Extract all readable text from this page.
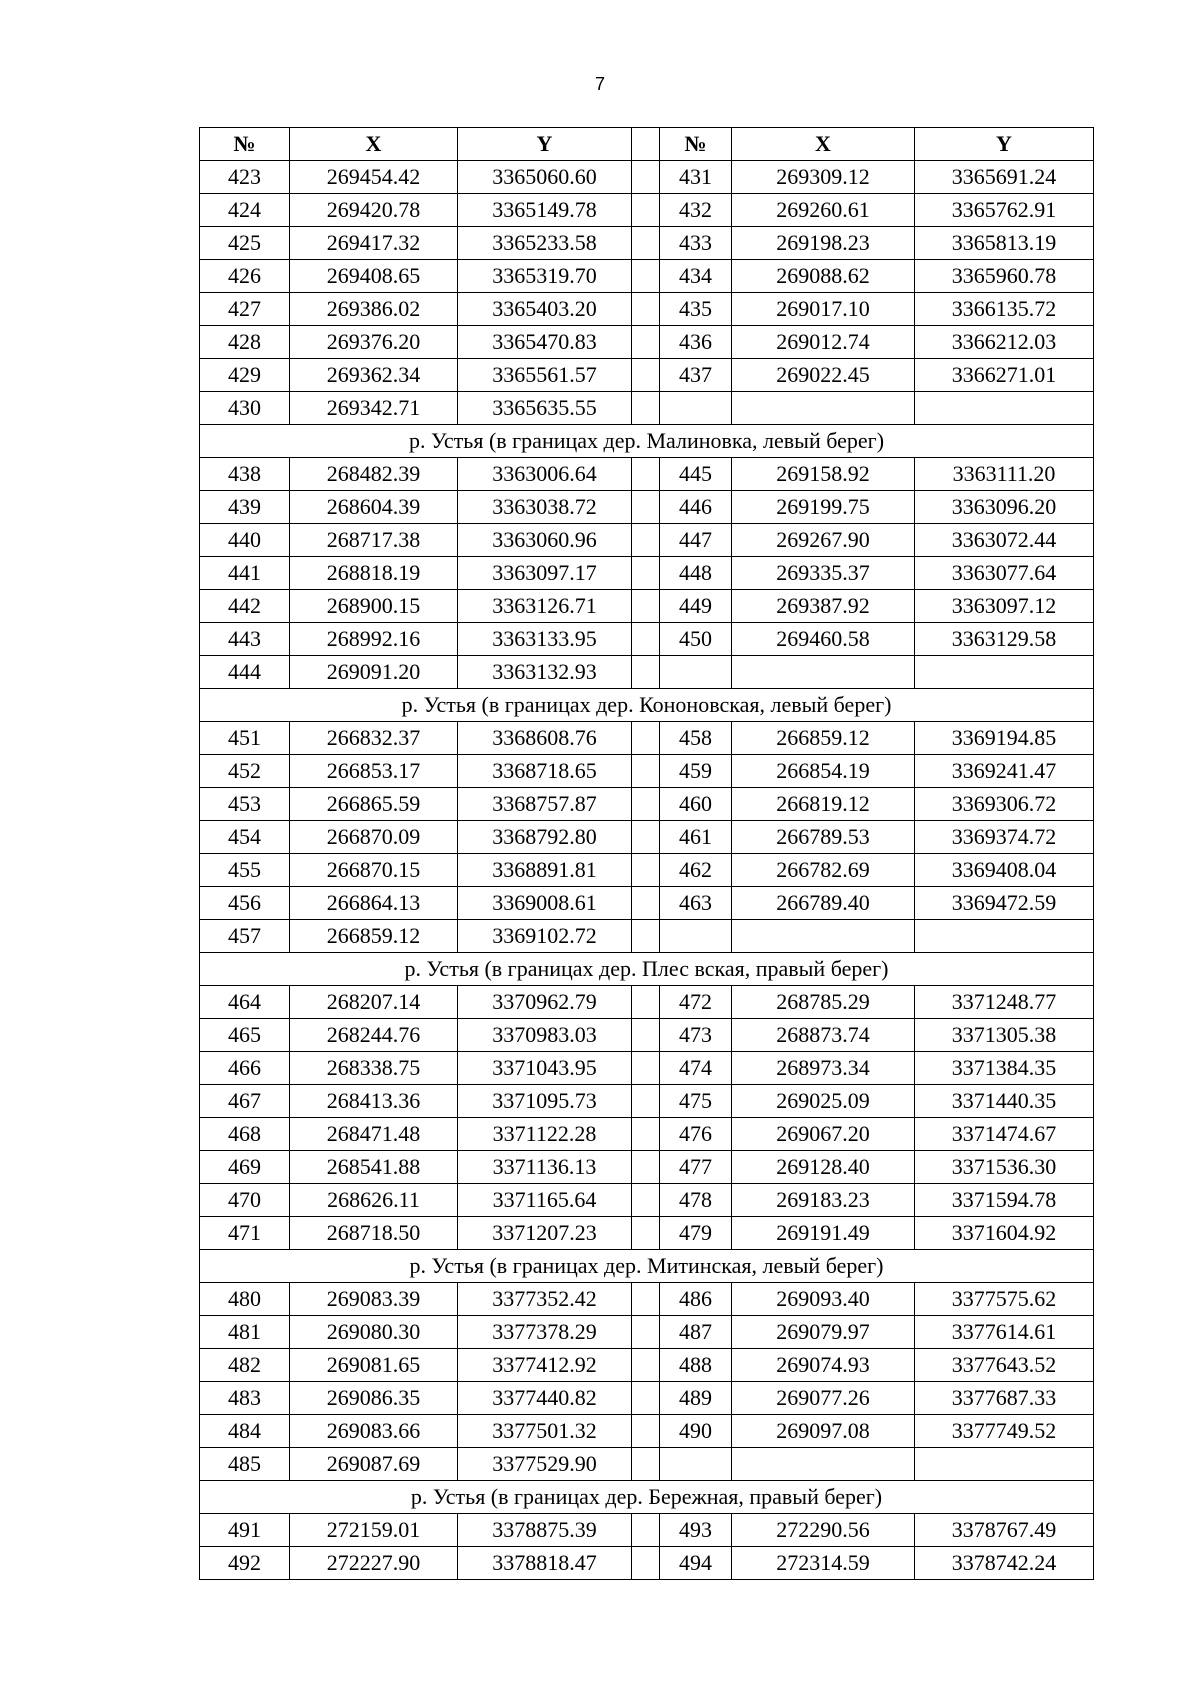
7
№	X	Y		№	X	Y
423	269454.42	3365060.60		431	269309.12	3365691.24
424	269420.78	3365149.78		432	269260.61	3365762.91
425	269417.32	3365233.58		433	269198.23	3365813.19
426	269408.65	3365319.70		434	269088.62	3365960.78
427	269386.02	3365403.20		435	269017.10	3366135.72
428	269376.20	3365470.83		436	269012.74	3366212.03
429	269362.34	3365561.57		437	269022.45	3366271.01
430	269342.71	3365635.55				
р. Устья (в границах дер. Малиновка, левый берег)						
438	268482.39	3363006.64		445	269158.92	3363111.20
439	268604.39	3363038.72		446	269199.75	3363096.20
440	268717.38	3363060.96		447	269267.90	3363072.44
441	268818.19	3363097.17		448	269335.37	3363077.64
442	268900.15	3363126.71		449	269387.92	3363097.12
443	268992.16	3363133.95		450	269460.58	3363129.58
444	269091.20	3363132.93				
р. Устья (в границах дер. Кононовская, левый берег)						
451	266832.37	3368608.76		458	266859.12	3369194.85
452	266853.17	3368718.65		459	266854.19	3369241.47
453	266865.59	3368757.87		460	266819.12	3369306.72
454	266870.09	3368792.80		461	266789.53	3369374.72
455	266870.15	3368891.81		462	266782.69	3369408.04
456	266864.13	3369008.61		463	266789.40	3369472.59
457	266859.12	3369102.72				
р. Устья (в границах дер. Плес вская, правый берег)						
464	268207.14	3370962.79		472	268785.29	3371248.77
465	268244.76	3370983.03		473	268873.74	3371305.38
466	268338.75	3371043.95		474	268973.34	3371384.35
467	268413.36	3371095.73		475	269025.09	3371440.35
468	268471.48	3371122.28		476	269067.20	3371474.67
469	268541.88	3371136.13		477	269128.40	3371536.30
470	268626.11	3371165.64		478	269183.23	3371594.78
471	268718.50	3371207.23		479	269191.49	3371604.92
р. Устья (в границах дер. Митинская, левый берег)						
480	269083.39	3377352.42		486	269093.40	3377575.62
481	269080.30	3377378.29		487	269079.97	3377614.61
482	269081.65	3377412.92		488	269074.93	3377643.52
483	269086.35	3377440.82		489	269077.26	3377687.33
484	269083.66	3377501.32		490	269097.08	3377749.52
485	269087.69	3377529.90				
р. Устья (в границах дер. Бережная, правый берег)						
491	272159.01	3378875.39		493	272290.56	3378767.49
492	272227.90	3378818.47		494	272314.59	3378742.24
